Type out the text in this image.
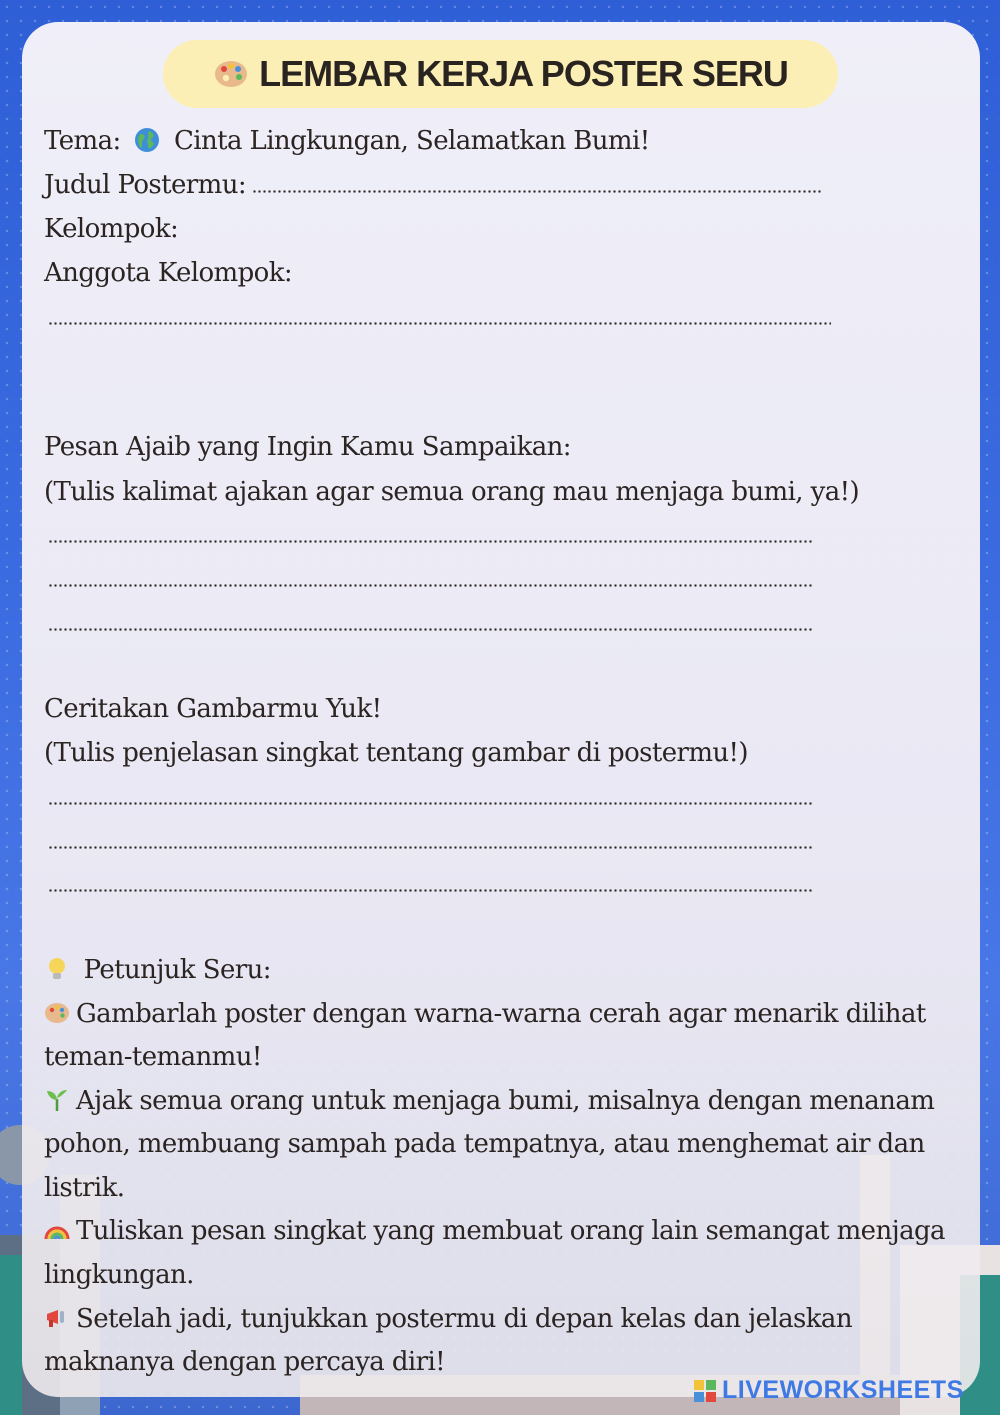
LEMBAR KERJA POSTER SERU
Tema: Cinta Lingkungan, Selamatkan Bumi!
Judul Postermu:
Kelompok:
Anggota Kelompok:
Pesan Ajaib yang Ingin Kamu Sampaikan:
(Tulis kalimat ajakan agar semua orang mau menjaga bumi, ya!)
Ceritakan Gambarmu Yuk!
(Tulis penjelasan singkat tentang gambar di postermu!)
Petunjuk Seru:
Gambarlah poster dengan warna-warna cerah agar menarik dilihat
teman-temanmu!
Ajak semua orang untuk menjaga bumi, misalnya dengan menanam
pohon, membuang sampah pada tempatnya, atau menghemat air dan
listrik.
Tuliskan pesan singkat yang membuat orang lain semangat menjaga
lingkungan.
Setelah jadi, tunjukkan postermu di depan kelas dan jelaskan
maknanya dengan percaya diri!
LIVEWORKSHEETS
